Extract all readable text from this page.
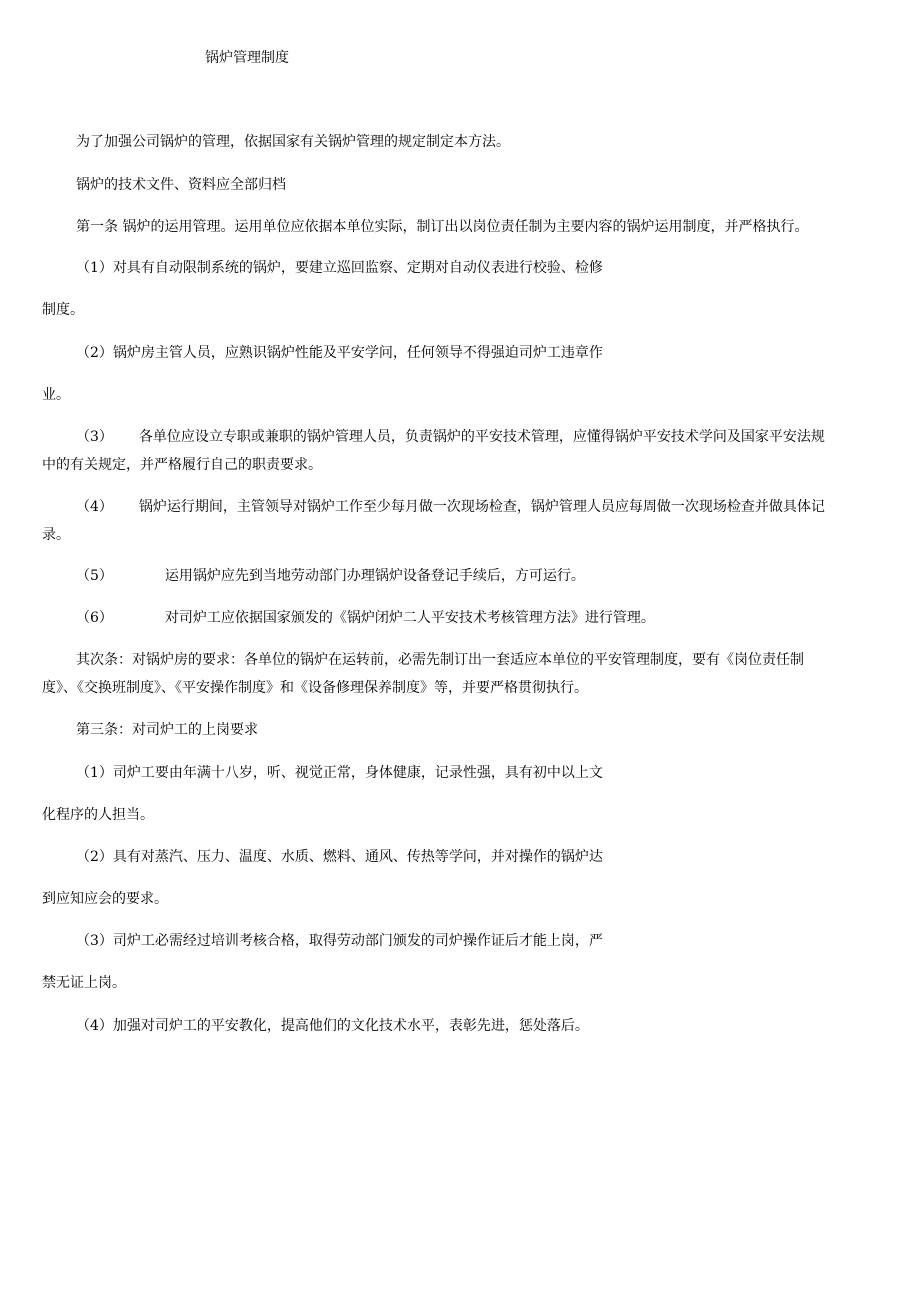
锅炉管理制度
为了加强公司锅炉的管理，依据国家有关锅炉管理的规定制定本方法。
锅炉的技术文件、资料应全部归档
第一条 锅炉的运用管理。运用单位应依据本单位实际，制订出以岗位责任制为主要内容的锅炉运用制度，并严格执行。
（1）对具有自动限制系统的锅炉，要建立巡回监察、定期对自动仪表进行校验、检修
制度。
（2）锅炉房主管人员，应熟识锅炉性能及平安学问，任何领导不得强迫司炉工违章作
业。
（3） 各单位应设立专职或兼职的锅炉管理人员，负责锅炉的平安技术管理，应懂得锅炉平安技术学问及国家平安法规
中的有关规定，并严格履行自己的职责要求。
（4） 锅炉运行期间，主管领导对锅炉工作至少每月做一次现场检查，锅炉管理人员应每周做一次现场检查并做具体记
录。
（5）	运用锅炉应先到当地劳动部门办理锅炉设备登记手续后，方可运行。
（6）	对司炉工应依据国家颁发的《锅炉闭炉二人平安技术考核管理方法》进行管理。
其次条：对锅炉房的要求：各单位的锅炉在运转前，必需先制订出一套适应本单位的平安管理制度，要有《岗位责任制
度》、《交换班制度》、《平安操作制度》和《设备修理保养制度》等，并要严格贯彻执行。
第三条：对司炉工的上岗要求
（1）司炉工要由年满十八岁，听、视觉正常，身体健康，记录性强，具有初中以上文
化程序的人担当。
（2）具有对蒸汽、压力、温度、水质、燃料、通风、传热等学问，并对操作的锅炉达
到应知应会的要求。
（3）司炉工必需经过培训考核合格，取得劳动部门颁发的司炉操作证后才能上岗，严
禁无证上岗。
（4）加强对司炉工的平安教化，提高他们的文化技术水平，表彰先进，惩处落后。
